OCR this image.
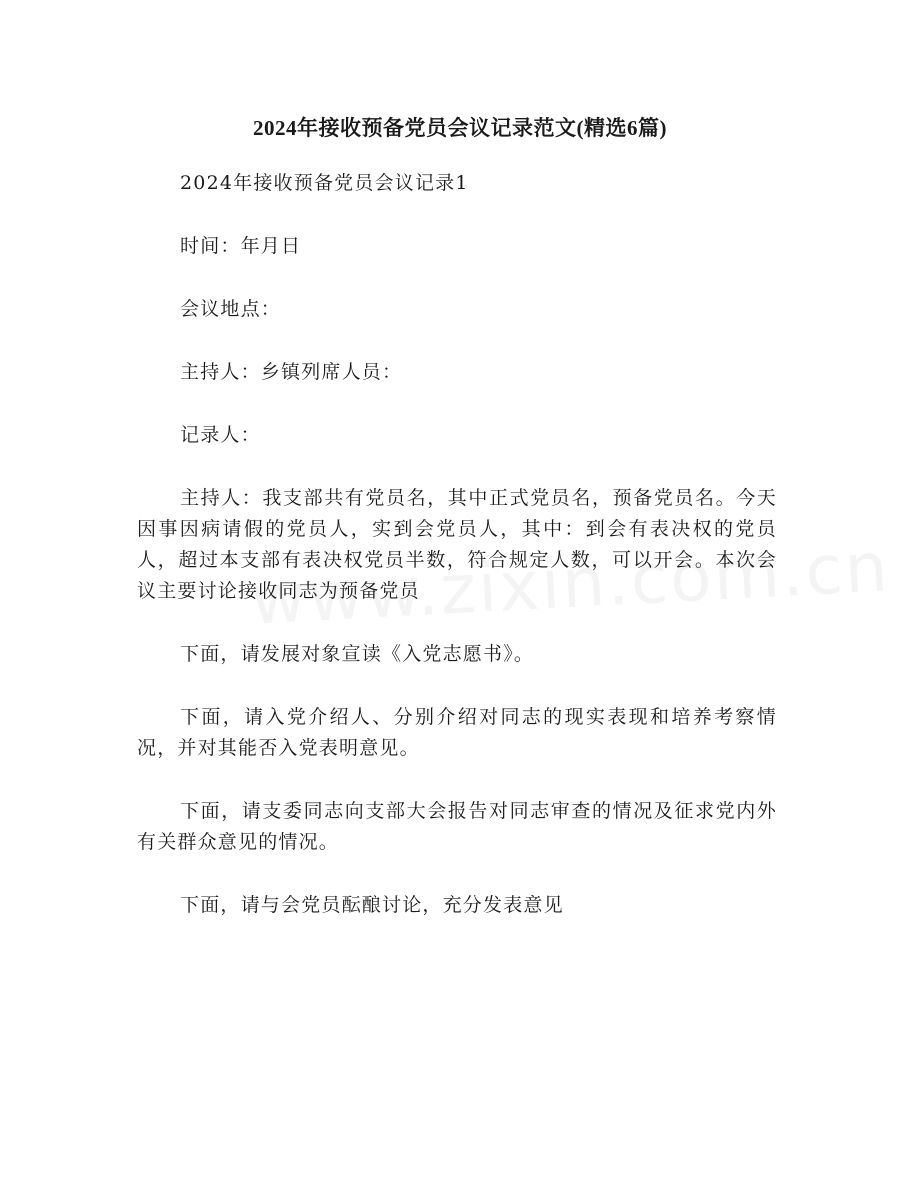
2024年接收预备党员会议记录范文(精选6篇)

2024年接收预备党员会议记录1

时间：年月日

会议地点：

主持人：乡镇列席人员：

记录人：

主持人：我支部共有党员名，其中正式党员名，预备党员名。今天因事因病请假的党员人，实到会党员人，其中：到会有表决权的党员人，超过本支部有表决权党员半数，符合规定人数，可以开会。本次会议主要讨论接收同志为预备党员

下面，请发展对象宣读《入党志愿书》。

下面，请入党介绍人、分别介绍对同志的现实表现和培养考察情况，并对其能否入党表明意见。

下面，请支委同志向支部大会报告对同志审查的情况及征求党内外有关群众意见的情况。

下面，请与会党员酝酿讨论，充分发表意见
